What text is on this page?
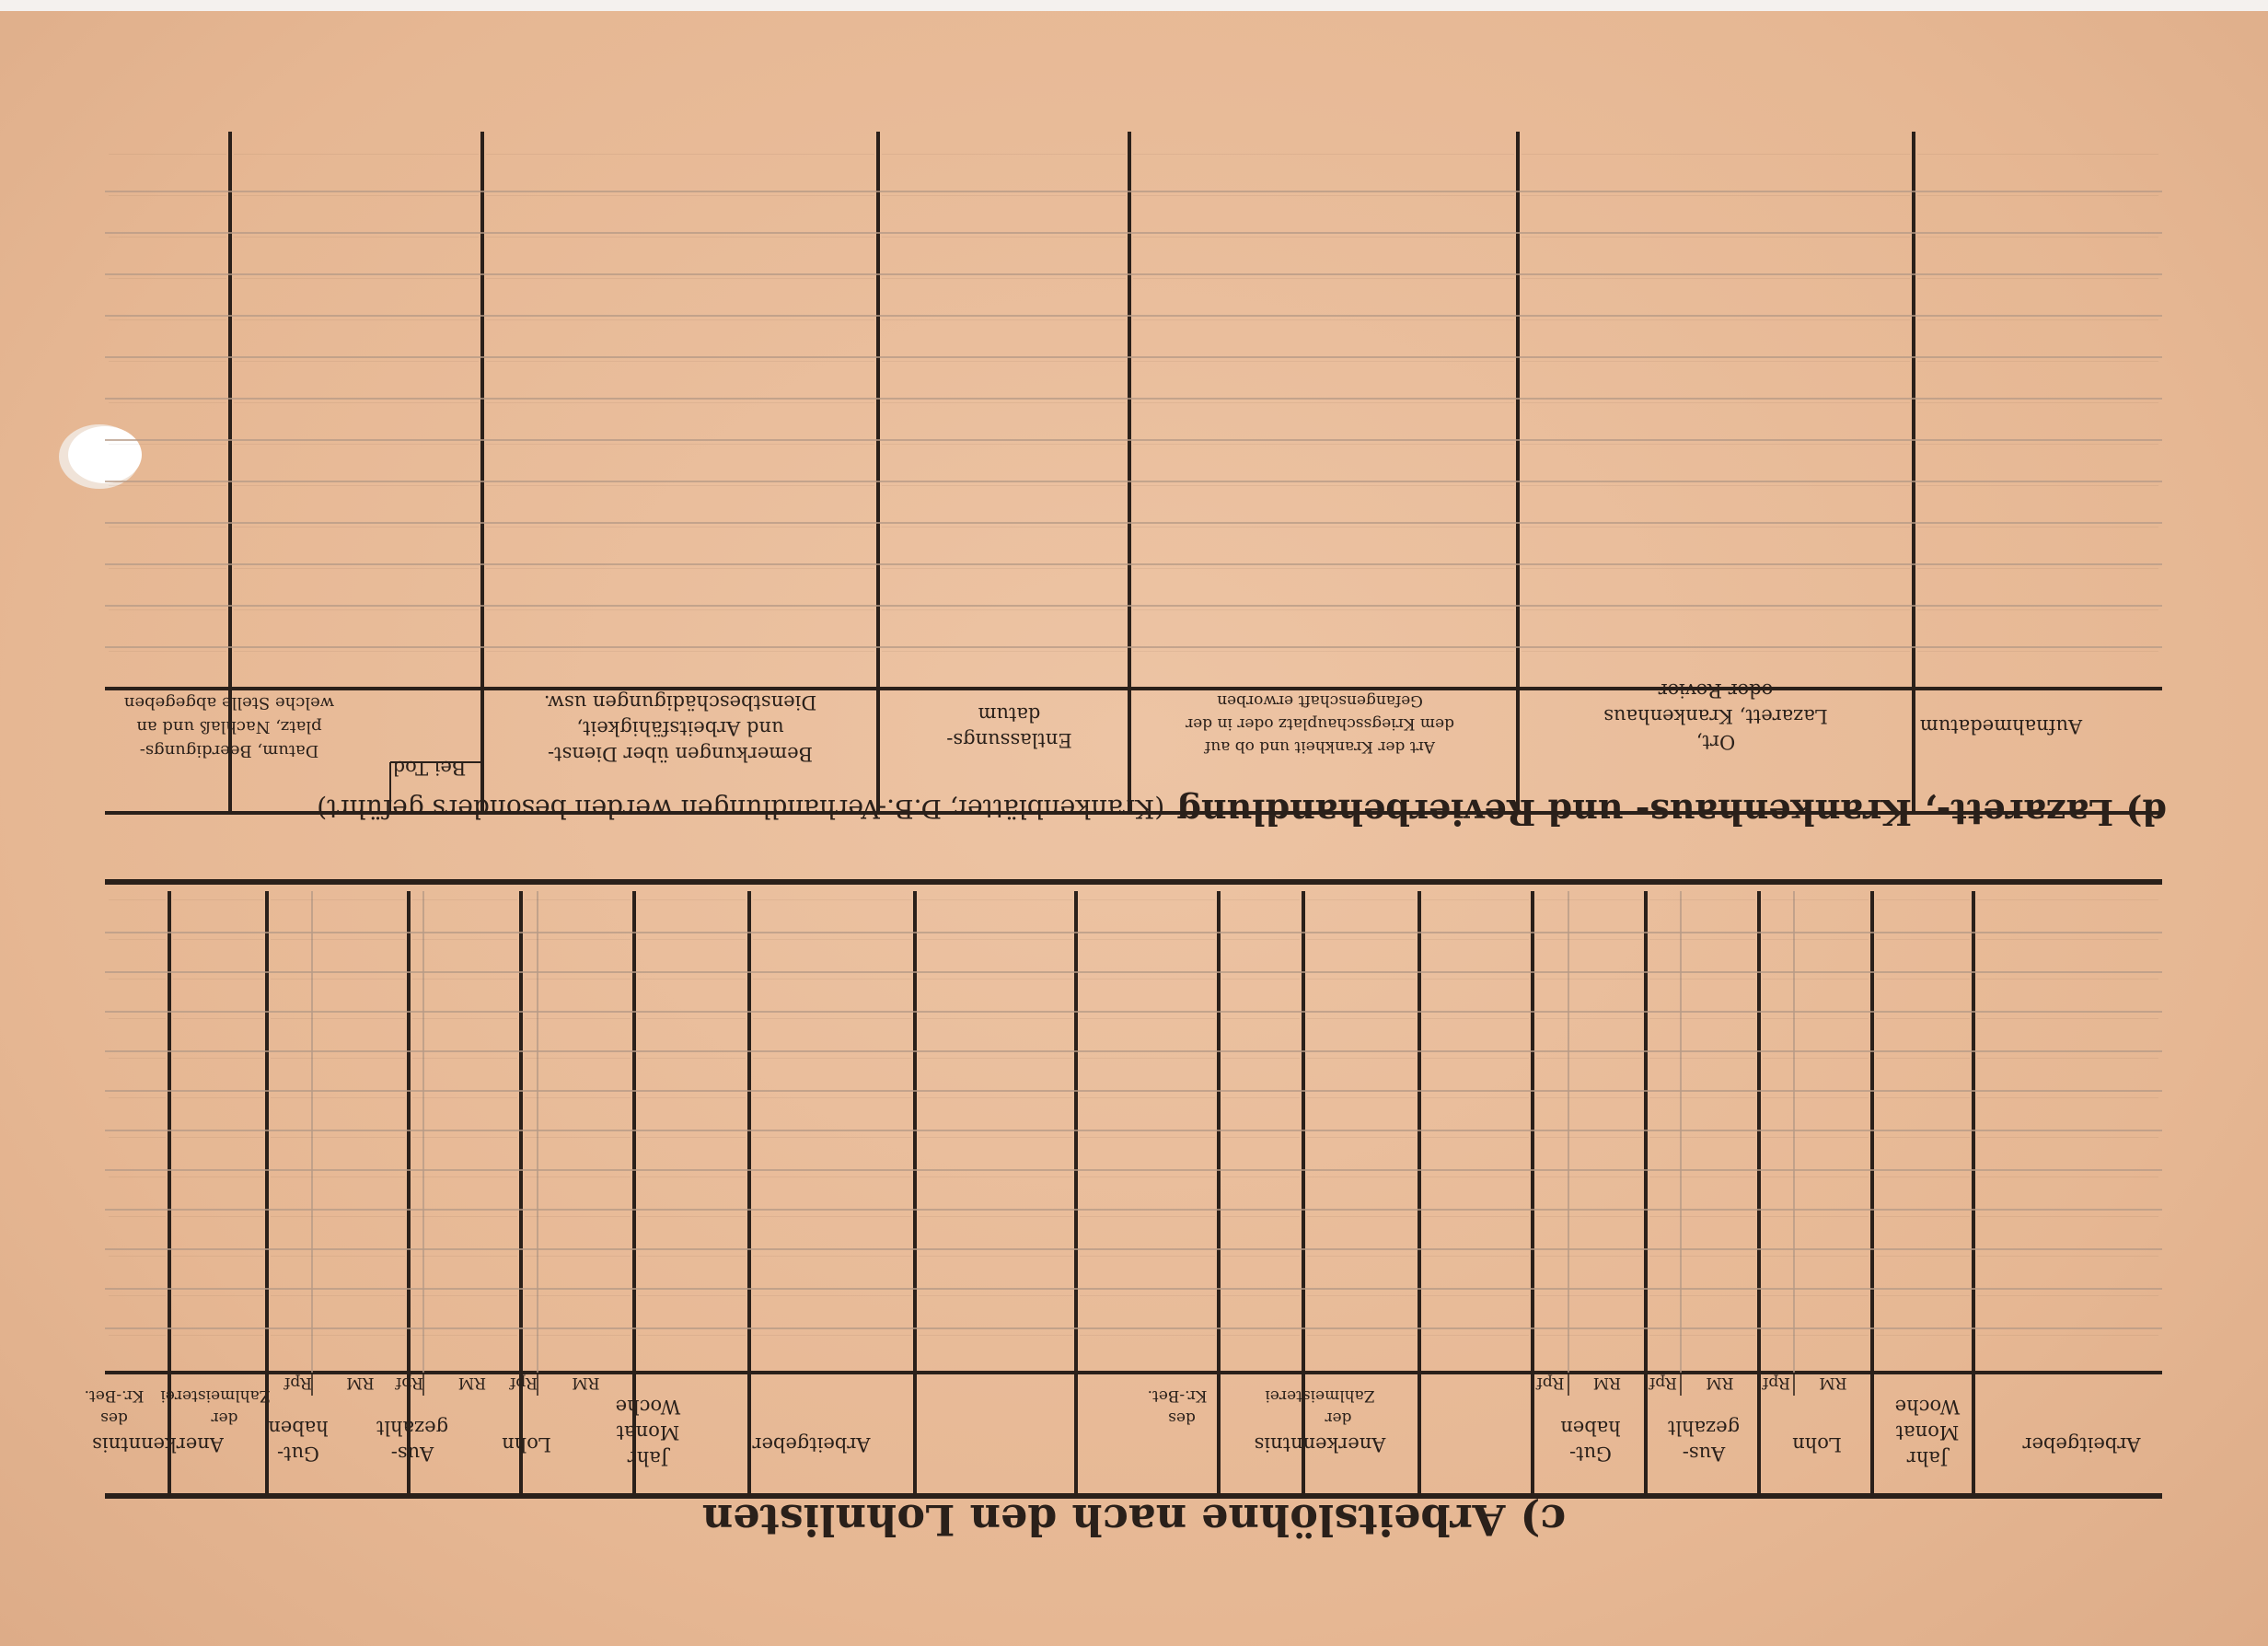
c) Arbeitslöhne nach den Lohnlisten
Arbeitgeber
Jahr
Monat
Woche
Lohn
Aus-
gezahlt
Gut-
haben
Anerkenntnis
der
Zahlmeisterei
des
Kr.-Bet.
Arbeitgeber
Jahr
Monat
Woche
Lohn
Aus-
gezahlt
Gut-
haben
Anerkenntnis
der
Zahlmeisterei
des
Kr.-Bet.
RM
Rpf
RM
Rpf
RM
Rpf
RM
Rpf
RM
Rpf
RM
Rpf
d) Lazarett-, Krankenhaus- und Revierbehandlung (Krankenblätter, D.B.-Verhandlungen werden besonders geführt)
Aufnahmedatum
Ort,
Lazarett, Krankenhaus
oder Revier
Art der Krankheit und ob auf
dem Kriegsschauplatz oder in der
Gefangenschaft erworben
Entlassungs-
datum
Bemerkungen über Dienst-
und Arbeitsfähigkeit,
Dienstbeschädigungen usw.
Bei Tod
Datum, Beerdigungs-
platz, Nachlaß und an
welche Stelle abgegeben
